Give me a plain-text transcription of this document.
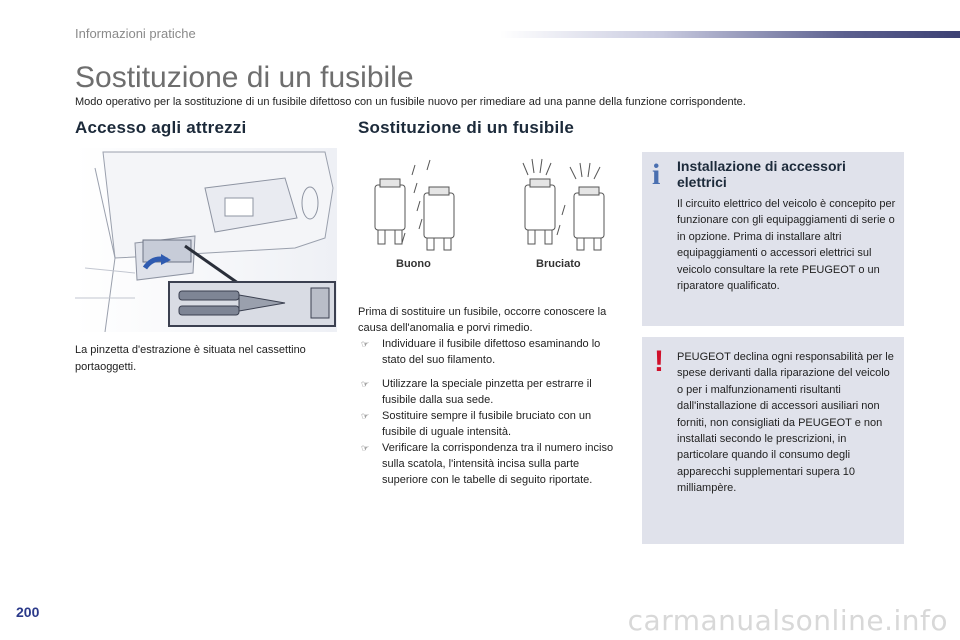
Informazioni pratiche
Sostituzione di un fusibile
Modo operativo per la sostituzione di un fusibile difettoso con un fusibile nuovo per rimediare ad una panne della funzione corrispondente.
Accesso agli attrezzi
La pinzetta d'estrazione è situata nel cassettino portaoggetti.
Sostituzione di un fusibile
Buono	Bruciato
Prima di sostituire un fusibile, occorre conoscere la causa dell'anomalia e porvi rimedio.
☞ Individuare il fusibile difettoso esaminando lo stato del suo filamento.
☞ Utilizzare la speciale pinzetta per estrarre il fusibile dalla sua sede.
☞ Sostituire sempre il fusibile bruciato con un fusibile di uguale intensità.
☞ Verificare la corrispondenza tra il numero inciso sulla scatola, l'intensità incisa sulla parte superiore con le tabelle di seguito riportate.
i Installazione di accessori elettrici
Il circuito elettrico del veicolo è concepito per funzionare con gli equipaggiamenti di serie o in opzione. Prima di installare altri equipaggiamenti o accessori elettrici sul veicolo consultare la rete PEUGEOT o un riparatore qualificato.
! PEUGEOT declina ogni responsabilità per le spese derivanti dalla riparazione del veicolo o per i malfunzionamenti risultanti dall'installazione di accessori ausiliari non forniti, non consigliati da PEUGEOT e non installati secondo le prescrizioni, in particolare quando il consumo degli apparecchi supplementari supera 10 milliampère.
200	carmanualsonline.info
